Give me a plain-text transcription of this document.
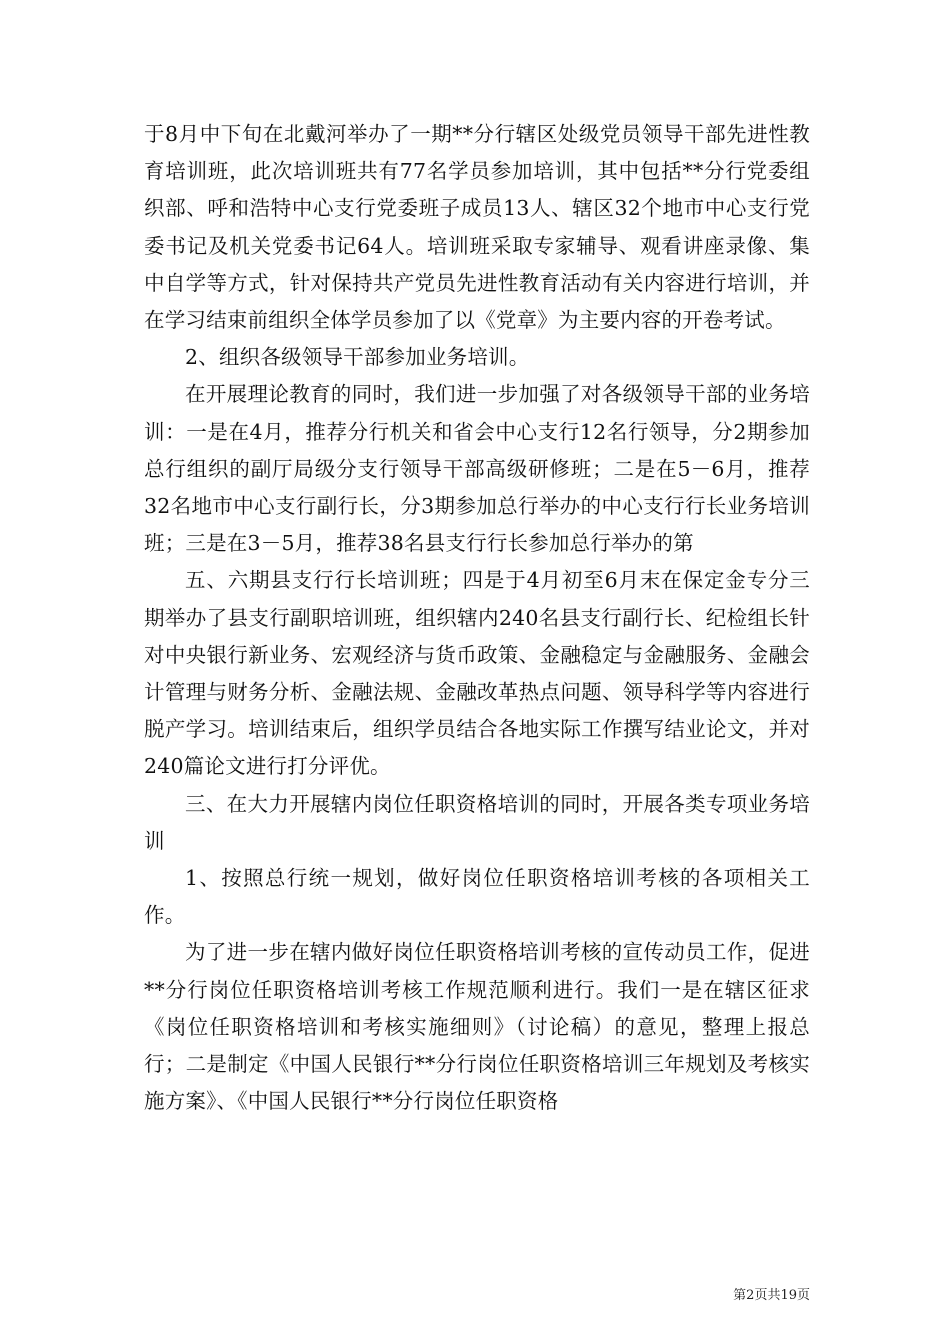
于8月中下旬在北戴河举办了一期**分行辖区处级党员领导干部先进性教育培训班，此次培训班共有77名学员参加培训，其中包括**分行党委组织部、呼和浩特中心支行党委班子成员13人、辖区32个地市中心支行党委书记及机关党委书记64人。培训班采取专家辅导、观看讲座录像、集中自学等方式，针对保持共产党员先进性教育活动有关内容进行培训，并在学习结束前组织全体学员参加了以《党章》为主要内容的开卷考试。

2、组织各级领导干部参加业务培训。

在开展理论教育的同时，我们进一步加强了对各级领导干部的业务培训：一是在4月，推荐分行机关和省会中心支行12名行领导，分2期参加总行组织的副厅局级分支行领导干部高级研修班；二是在5－6月，推荐32名地市中心支行副行长，分3期参加总行举办的中心支行行长业务培训班；三是在3－5月，推荐38名县支行行长参加总行举办的第

五、六期县支行行长培训班；四是于4月初至6月末在保定金专分三期举办了县支行副职培训班，组织辖内240名县支行副行长、纪检组长针对中央银行新业务、宏观经济与货币政策、金融稳定与金融服务、金融会计管理与财务分析、金融法规、金融改革热点问题、领导科学等内容进行脱产学习。培训结束后，组织学员结合各地实际工作撰写结业论文，并对240篇论文进行打分评优。

三、在大力开展辖内岗位任职资格培训的同时，开展各类专项业务培训

1、按照总行统一规划，做好岗位任职资格培训考核的各项相关工作。

为了进一步在辖内做好岗位任职资格培训考核的宣传动员工作，促进**分行岗位任职资格培训考核工作规范顺利进行。我们一是在辖区征求《岗位任职资格培训和考核实施细则》（讨论稿）的意见，整理上报总行；二是制定《中国人民银行**分行岗位任职资格培训三年规划及考核实施方案》、《中国人民银行**分行岗位任职资格

第2页共19页
